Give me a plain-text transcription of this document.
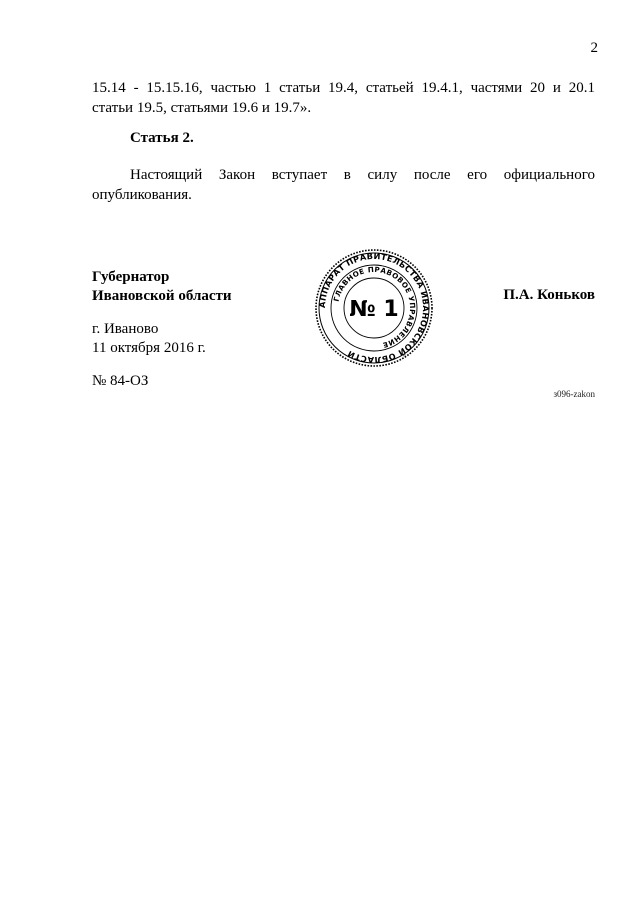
2
15.14 - 15.15.16, частью 1 статьи 19.4, статьей 19.4.1, частями 20 и 20.1
статьи 19.5, статьями 19.6 и 19.7».
Статья 2.
Настоящий Закон вступает в силу после его официального
опубликования.
Губернатор
Ивановской области
АППАРАТ ПРАВИТЕЛЬСТВА ИВАНОВСКОЙ ОБЛАСТИ
ГЛАВНОЕ ПРАВОВОЕ УПРАВЛЕНИЕ
№ 1
П.А. Коньков
г. Иваново
11 октября 2016 г.
№ 84-ОЗ
з096-zakon
